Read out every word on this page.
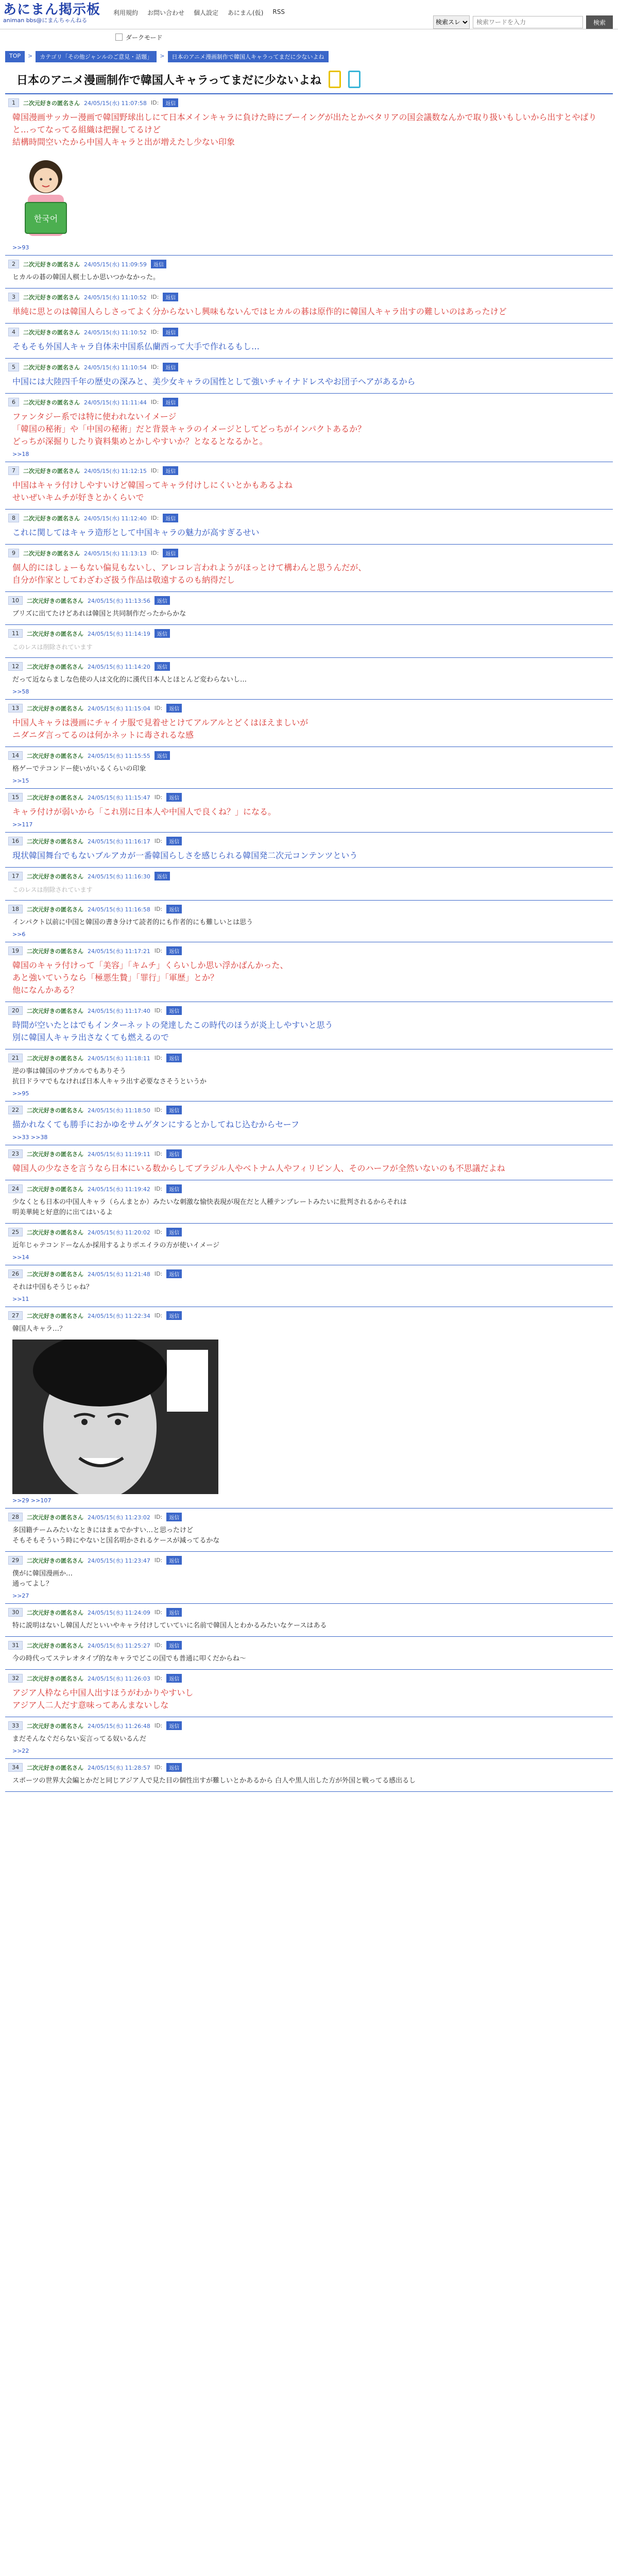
あにまん掲示板
animan bbs@にまんちゃんねる
利用規約 お問い合わせ 個人設定 あにまん(仮) RSS
検索スレ
検索ワードを入力
検索
ダークモード
TOP	>	カテゴリ「その他ジャンルのご意見・話題」	>	日本のアニメ漫画制作で韓国人キャラってまだに少ないよね
日本のアニメ漫画制作で韓国人キャラってまだに少ないよね
1	二次元好きの匿名さん 24/05/15(水) 11:07:58 ID:	返信
韓国漫画サッカー漫画で韓国野球出しにて日本メインキャラに負けた時にブーイングが出たとかベタリアの国会議数なんかで取り扱いもしいから出すとやぱりと…ってなってる組織は把握してるけど
結構時間空いたから中国人キャラと出が増えたし少ない印象
한국어
>>93
2	二次元好きの匿名さん 24/05/15(水) 11:09:59	返信
ヒカルの碁の韓国人棋士しか思いつかなかった。
3	二次元好きの匿名さん 24/05/15(水) 11:10:52 ID:	返信
単純に思とのは韓国人らしさってよく分からないし興味もないんではヒカルの碁は原作的に韓国人キャラ出すの難しいのはあったけど
4	二次元好きの匿名さん 24/05/15(水) 11:10:52 ID:	返信
そもそも外国人キャラ自体未中国系仏蘭西って大手で作れるもし…
5	二次元好きの匿名さん 24/05/15(水) 11:10:54 ID:	返信
中国には大陸四千年の歴史の深みと、美少女キャラの国性として強いチャイナドレスやお団子ヘアがあるから
6	二次元好きの匿名さん 24/05/15(水) 11:11:44 ID:	返信
ファンタジー系では特に使われないイメージ
「韓国の秘術」や「中国の秘術」だと背景キャラのイメージとしてどっちがインパクトあるか？
どっちが深掘りしたり資料集めとかしやすいか？となるとなるかと。
>>18
7	二次元好きの匿名さん 24/05/15(水) 11:12:15 ID:	返信
中国はキャラ付けしやすいけど韓国ってキャラ付けしにくいとかもあるよね
せいぜいキムチが好きとかくらいで
8	二次元好きの匿名さん 24/05/15(水) 11:12:40 ID:	返信
これに関してはキャラ造形として中国キャラの魅力が高すぎるせい
9	二次元好きの匿名さん 24/05/15(水) 11:13:13 ID:	返信
個人的にはしょーもない偏見もないし、アレコレ言われようがほっとけて構わんと思うんだが、
自分が作家としてわざわざ扱う作品は敬遠するのも納得だし
10	二次元好きの匿名さん 24/05/15(水) 11:13:56	返信
ブリズに出てたけどあれは韓国と共同制作だったからかな
11	二次元好きの匿名さん 24/05/15(水) 11:14:19	返信
このレスは削除されています
12	二次元好きの匿名さん 24/05/15(水) 11:14:20	返信
だって近ならましな色使の人は文化的に漢代日本人とほとんど変わらないし…
>>58
13	二次元好きの匿名さん 24/05/15(水) 11:15:04 ID:	返信
中国人キャラは漫画にチャイナ服で見着せとけてアルアルとどくはほえましいが
ニダニダ言ってるのは何かネットに毒されるな感
14	二次元好きの匿名さん 24/05/15(水) 11:15:55	返信
格ゲーでテコンドー使いがいるくらいの印象
>>15
15	二次元好きの匿名さん 24/05/15(水) 11:15:47 ID:	返信
キャラ付けが弱いから「これ別に日本人や中国人で良くね？」になる。
>>117
16	二次元好きの匿名さん 24/05/15(水) 11:16:17 ID:	返信
現状韓国舞台でもないブルアカが一番韓国らしさを感じられる韓国発二次元コンテンツという
17	二次元好きの匿名さん 24/05/15(水) 11:16:30	返信
このレスは削除されています
18	二次元好きの匿名さん 24/05/15(水) 11:16:58 ID:	返信
インパクト以前に中国と韓国の書き分けて読者的にも作者的にも難しいとは思う
>>6
19	二次元好きの匿名さん 24/05/15(水) 11:17:21 ID:	返信
韓国のキャラ付けって「美容」「キムチ」くらいしか思い浮かばんかった、
あと強いていうなら「極悪生贄」「罪行」「軍歴」とか？
他になんかある？
20	二次元好きの匿名さん 24/05/15(水) 11:17:40 ID:	返信
時間が空いたとはでもインターネットの発達したこの時代のほうが炎上しやすいと思う
別に韓国人キャラ出さなくても燃えるので
21	二次元好きの匿名さん 24/05/15(水) 11:18:11 ID:	返信
逆の事は韓国のサブカルでもありそう
抗日ドラマでもなければ日本人キャラ出す必要なさそうというか
>>95
22	二次元好きの匿名さん 24/05/15(水) 11:18:50 ID:	返信
描かれなくても勝手におかゆをサムゲタンにするとかしてねじ込むからセーフ
>>33 >>38
23	二次元好きの匿名さん 24/05/15(水) 11:19:11 ID:	返信
韓国人の少なさを言うなら日本にいる数からしてブラジル人やベトナム人やフィリピン人、そのハーフが全然いないのも不思議だよね
24	二次元好きの匿名さん 24/05/15(水) 11:19:42 ID:	返信
少なくとも日本の中国人キャラ（らんまとか）みたいな刺激な愉快表現が現在だと人種テンプレートみたいに批判されるからそれは
明美華純と好意的に出てはいるよ
25	二次元好きの匿名さん 24/05/15(水) 11:20:02 ID:	返信
近年じゃテコンドーなんか採用するよりポエイラの方が使いイメージ
>>14
26	二次元好きの匿名さん 24/05/15(水) 11:21:48 ID:	返信
それは中国もそうじゃね？
>>11
27	二次元好きの匿名さん 24/05/15(水) 11:22:34 ID:	返信
韓国人キャラ…？
>>29 >>107
28	二次元好きの匿名さん 24/05/15(水) 11:23:02 ID:	返信
多国籍チームみたいなときにはまぁでかすい…と思ったけど
そもそもそういう時にやないと国名明かされるケースが減ってるかな
29	二次元好きの匿名さん 24/05/15(水) 11:23:47 ID:	返信
僕がに韓国漫画か…
通ってよし？
>>27
30	二次元好きの匿名さん 24/05/15(水) 11:24:09 ID:	返信
特に説明はないし韓国人だといいやキャラ付けしていていに名前で韓国人とわかるみたいなケースはある
31	二次元好きの匿名さん 24/05/15(水) 11:25:27 ID:	返信
今の時代ってステレオタイプ的なキャラでどこの国でも普通に叩くだからね～
32	二次元好きの匿名さん 24/05/15(水) 11:26:03 ID:	返信
アジア人枠なら中国人出すほうがわかりやすいし
アジア人二人だす意味ってあんまないしな
33	二次元好きの匿名さん 24/05/15(水) 11:26:48 ID:	返信
まだそんなぐだらない妄言ってる奴いるんだ
>>22
34	二次元好きの匿名さん 24/05/15(水) 11:28:57 ID:	返信
スポーツの世界大会編とかだと同じアジア人で見た目の個性出すが難しいとかあるから 白人や黒人出した方が外国と戦ってる感出るし
